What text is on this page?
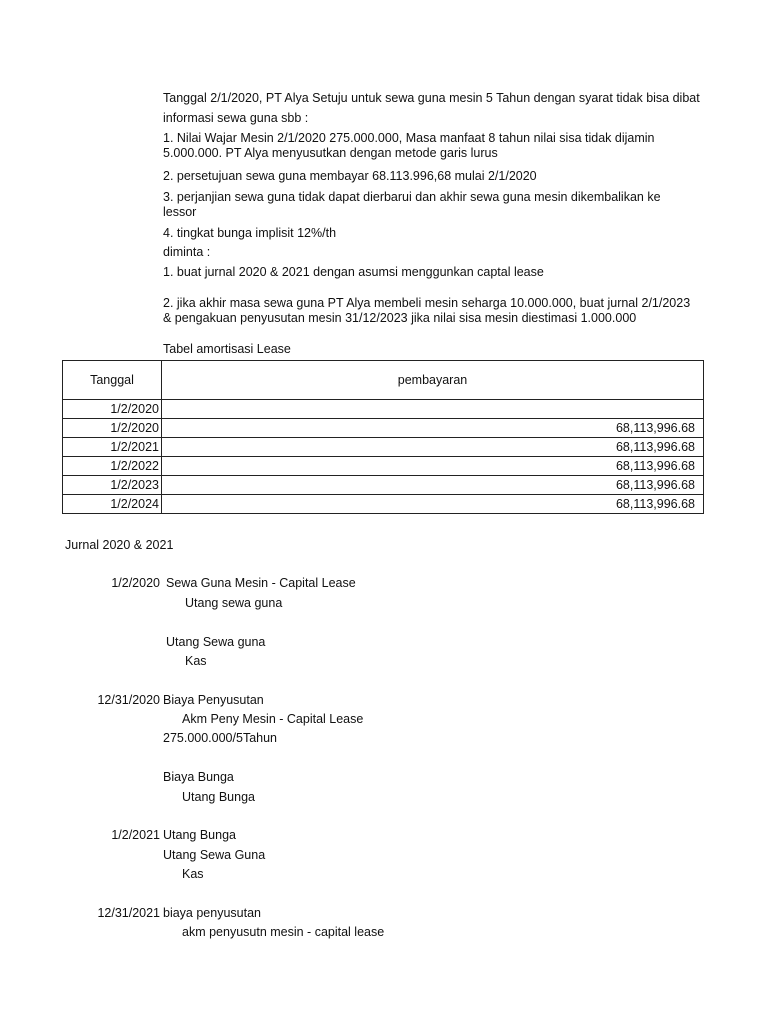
Tanggal 2/1/2020, PT Alya Setuju untuk sewa guna mesin 5 Tahun dengan syarat tidak bisa dibat
informasi sewa guna sbb :
1. Nilai Wajar Mesin 2/1/2020 275.000.000, Masa manfaat 8 tahun nilai sisa tidak dijamin
5.000.000. PT Alya menyusutkan dengan metode garis lurus
2. persetujuan sewa guna membayar 68.113.996,68 mulai 2/1/2020
3. perjanjian sewa guna tidak dapat dierbarui dan akhir sewa guna mesin dikembalikan ke
lessor
4. tingkat bunga implisit 12%/th
diminta :
1. buat jurnal 2020 & 2021 dengan asumsi menggunkan captal lease
2. jika akhir masa sewa guna PT Alya membeli mesin seharga 10.000.000, buat jurnal 2/1/2023
& pengakuan penyusutan mesin 31/12/2023 jika nilai sisa mesin diestimasi 1.000.000
Tabel amortisasi Lease
Tanggal	pembayaran
1/2/2020	
1/2/2020	68,113,996.68
1/2/2021	68,113,996.68
1/2/2022	68,113,996.68
1/2/2023	68,113,996.68
1/2/2024	68,113,996.68
Jurnal 2020 & 2021
1/2/2020 Sewa Guna Mesin - Capital Lease
Utang sewa guna
Utang Sewa guna
Kas
12/31/2020 Biaya Penyusutan
Akm Peny Mesin - Capital Lease
275.000.000/5Tahun
Biaya Bunga
Utang Bunga
1/2/2021 Utang Bunga
Utang Sewa Guna
Kas
12/31/2021 biaya penyusutan
akm penyusutn mesin - capital lease
